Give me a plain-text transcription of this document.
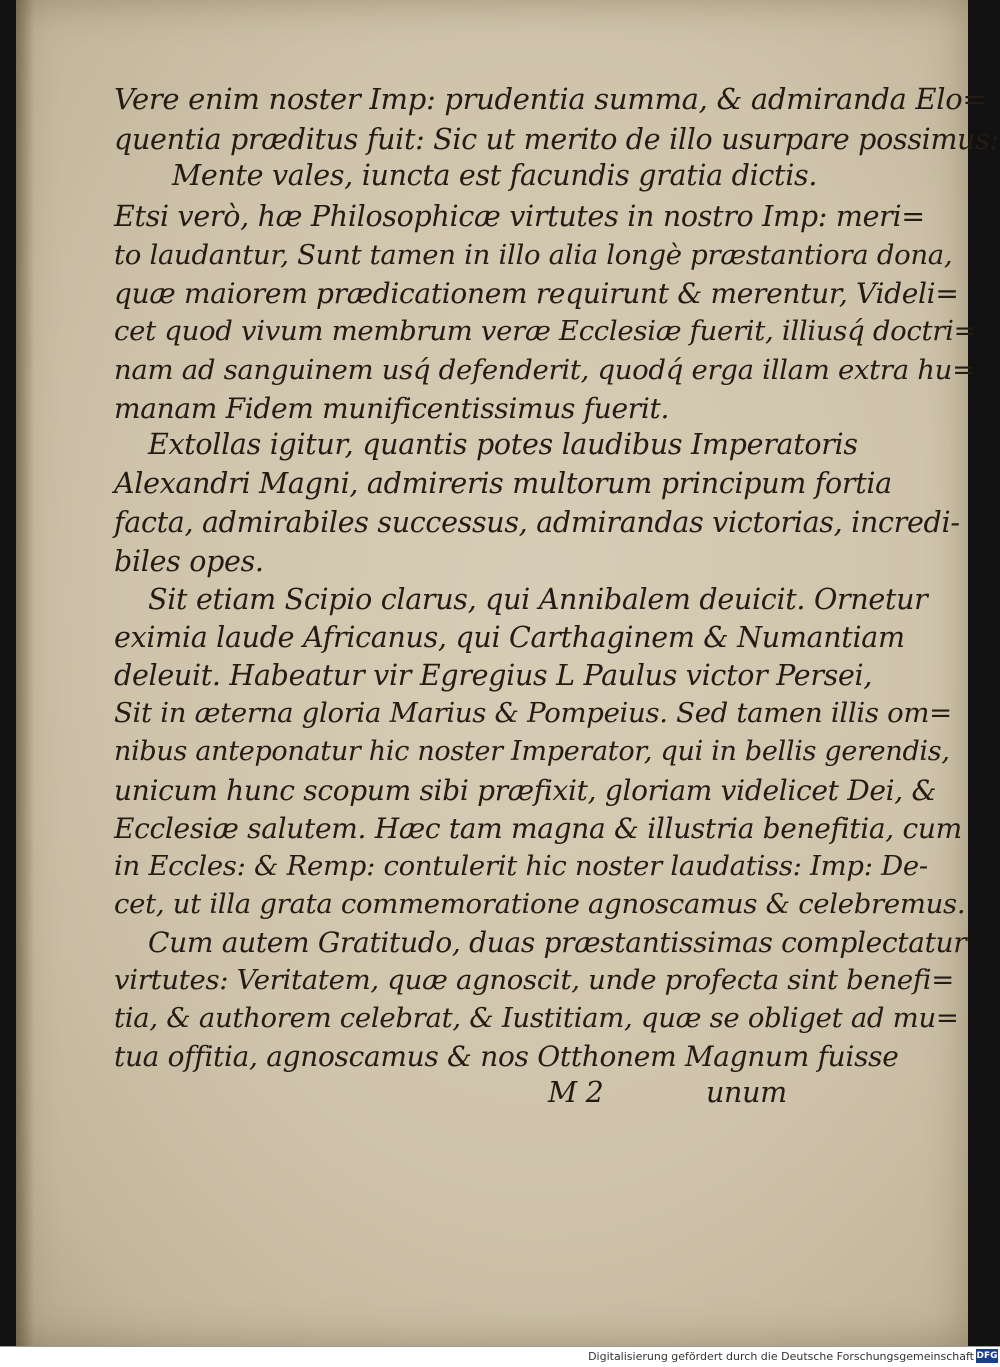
Vere enim noster Imp: prudentia summa, & admiranda Elo=
quentia præditus fuit: Sic ut merito de illo usurpare possimus:
Mente vales, iuncta est facundis gratia dictis.
Etsi verò, hæ Philosophicæ virtutes in nostro Imp: meri=
to laudantur, Sunt tamen in illo alia longè præstantiora dona,
quæ maiorem prædicationem requirunt & merentur, Videli=
cet quod vivum membrum veræ Ecclesiæ fuerit, illiusq́ doctri=
nam ad sanguinem usq́ defenderit, quodq́ erga illam extra hu=
manam Fidem munificentissimus fuerit.
Extollas igitur, quantis potes laudibus Imperatoris
Alexandri Magni, admireris multorum principum fortia
facta, admirabiles successus, admirandas victorias, incredi-
biles opes.
Sit etiam Scipio clarus, qui Annibalem deuicit. Ornetur
eximia laude Africanus, qui Carthaginem & Numantiam
deleuit. Habeatur vir Egregius L Paulus victor Persei,
Sit in æterna gloria Marius & Pompeius. Sed tamen illis om=
nibus anteponatur hic noster Imperator, qui in bellis gerendis,
unicum hunc scopum sibi præfixit, gloriam videlicet Dei, &
Ecclesiæ salutem. Hæc tam magna & illustria benefitia, cum
in Eccles: & Remp: contulerit hic noster laudatiss: Imp: De-
cet, ut illa grata commemoratione agnoscamus & celebremus.
Cum autem Gratitudo, duas præstantissimas complectatur
virtutes: Veritatem, quæ agnoscit, unde profecta sint benefi=
tia, & authorem celebrat, & Iustitiam, quæ se obliget ad mu=
tua offitia, agnoscamus & nos Otthonem Magnum fuisse
M 2	unum
Digitalisierung gefördert durch die Deutsche Forschungsgemeinschaft DFG
